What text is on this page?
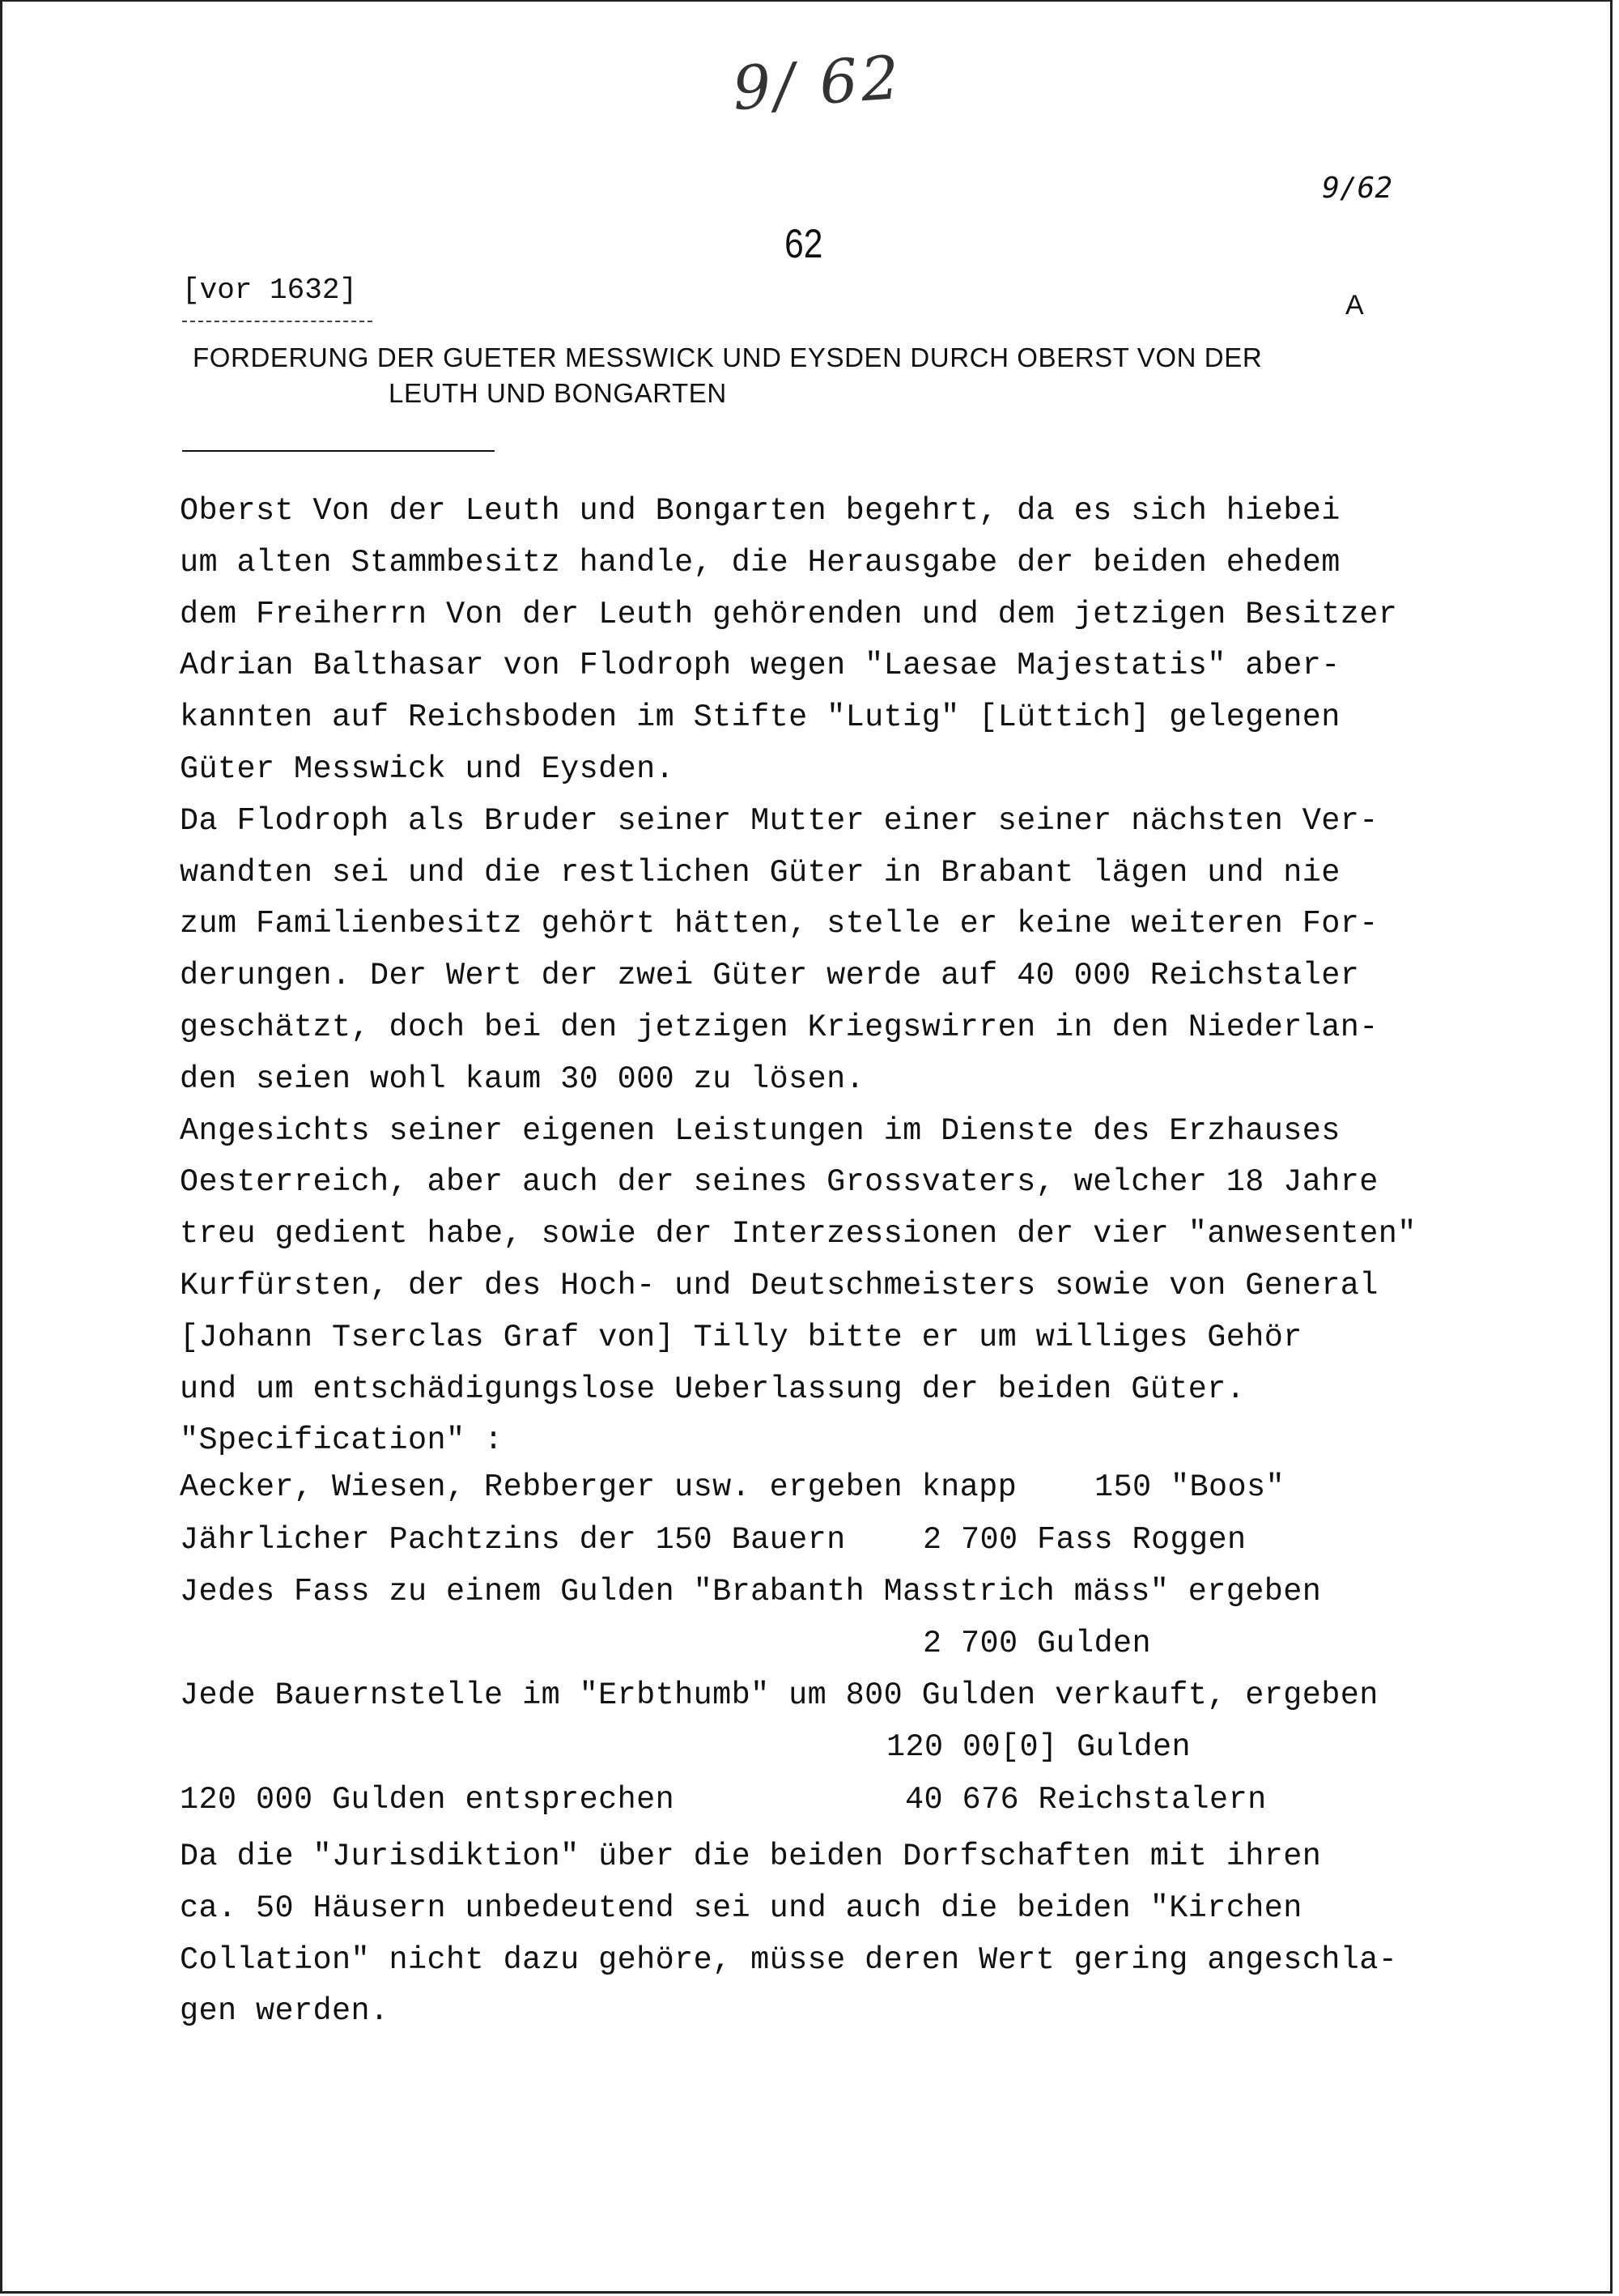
9/ 62
9/62
62
[vor 1632]	A
FORDERUNG DER GUETER MESSWICK UND EYSDEN DURCH OBERST VON DER
LEUTH UND BONGARTEN
Oberst Von der Leuth und Bongarten begehrt, da es sich hiebei
um alten Stammbesitz handle, die Herausgabe der beiden ehedem
dem Freiherrn Von der Leuth gehörenden und dem jetzigen Besitzer
Adrian Balthasar von Flodroph wegen "Laesae Majestatis" aber-
kannten auf Reichsboden im Stifte "Lutig" [Lüttich] gelegenen
Güter Messwick und Eysden.
Da Flodroph als Bruder seiner Mutter einer seiner nächsten Ver-
wandten sei und die restlichen Güter in Brabant lägen und nie
zum Familienbesitz gehört hätten, stelle er keine weiteren For-
derungen. Der Wert der zwei Güter werde auf 40 000 Reichstaler
geschätzt, doch bei den jetzigen Kriegswirren in den Niederlan-
den seien wohl kaum 30 000 zu lösen.
Angesichts seiner eigenen Leistungen im Dienste des Erzhauses
Oesterreich, aber auch der seines Grossvaters, welcher 18 Jahre
treu gedient habe, sowie der Interzessionen der vier "anwesenten"
Kurfürsten, der des Hoch- und Deutschmeisters sowie von General
[Johann Tserclas Graf von] Tilly bitte er um williges Gehör
und um entschädigungslose Ueberlassung der beiden Güter.
"Specification" :
Aecker, Wiesen, Rebberger usw. ergeben knapp 150 "Boos"
Jährlicher Pachtzins der 150 Bauern 2 700 Fass Roggen
Jedes Fass zu einem Gulden "Brabanth Masstrich mäss" ergeben
2 700 Gulden
Jede Bauernstelle im "Erbthumb" um 800 Gulden verkauft, ergeben
120 00[0] Gulden
120 000 Gulden entsprechen	40 676 Reichstalern
Da die "Jurisdiktion" über die beiden Dorfschaften mit ihren
ca. 50 Häusern unbedeutend sei und auch die beiden "Kirchen
Collation" nicht dazu gehöre, müsse deren Wert gering angeschla-
gen werden.
